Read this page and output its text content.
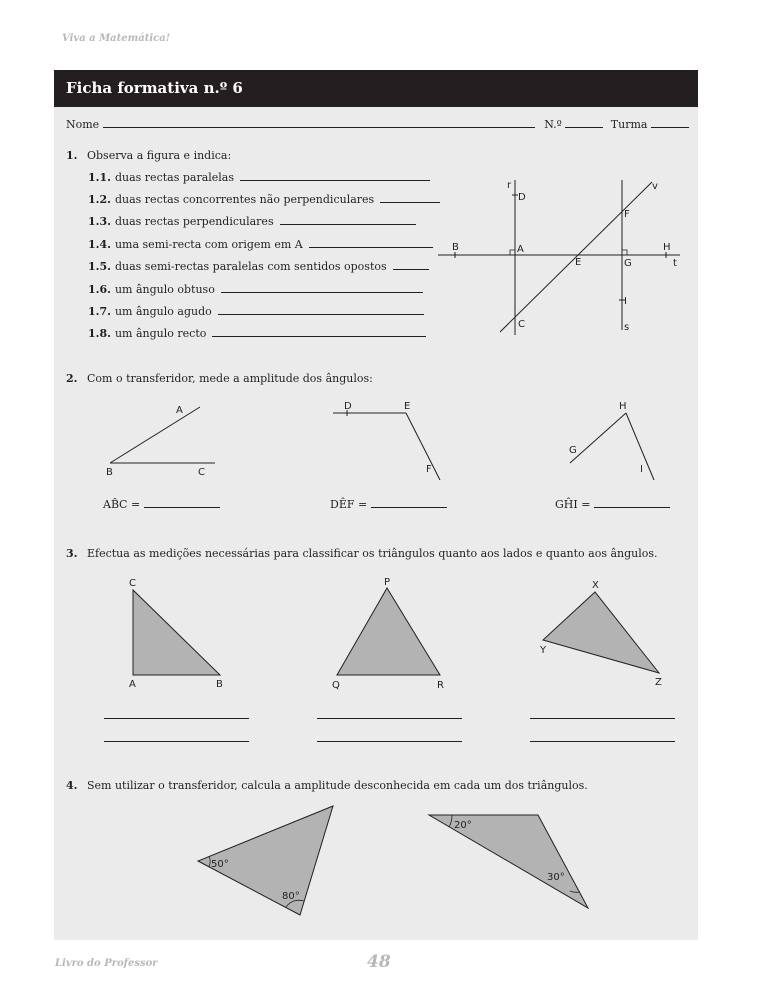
Viva a Matemática!
Ficha formativa n.º 6
Nome	N.º	Turma
1. Observa a figura e indica:
1.1. duas rectas paralelas
1.2. duas rectas concorrentes não perpendiculares
1.3. duas rectas perpendiculares
1.4. uma semi-recta com origem em A
1.5. duas semi-rectas paralelas com sentidos opostos
1.6. um ângulo obtuso
1.7. um ângulo agudo
1.8. um ângulo recto
r
D
v
F
B	A
E	G
H
t
I
C	s
2. Com o transferidor, mede a amplitude dos ângulos:
A
B	C
D	E
F
H
G
I
AB̂C =	DÊF =	GĤI =
3. Efectua as medições necessárias para classificar os triângulos quanto aos lados e quanto aos ângulos.
C
A	B
P
Q	R
X
Y
Z
4. Sem utilizar o transferidor, calcula a amplitude desconhecida em cada um dos triângulos.
50°
80°
20°
30°
Livro do Professor	48
